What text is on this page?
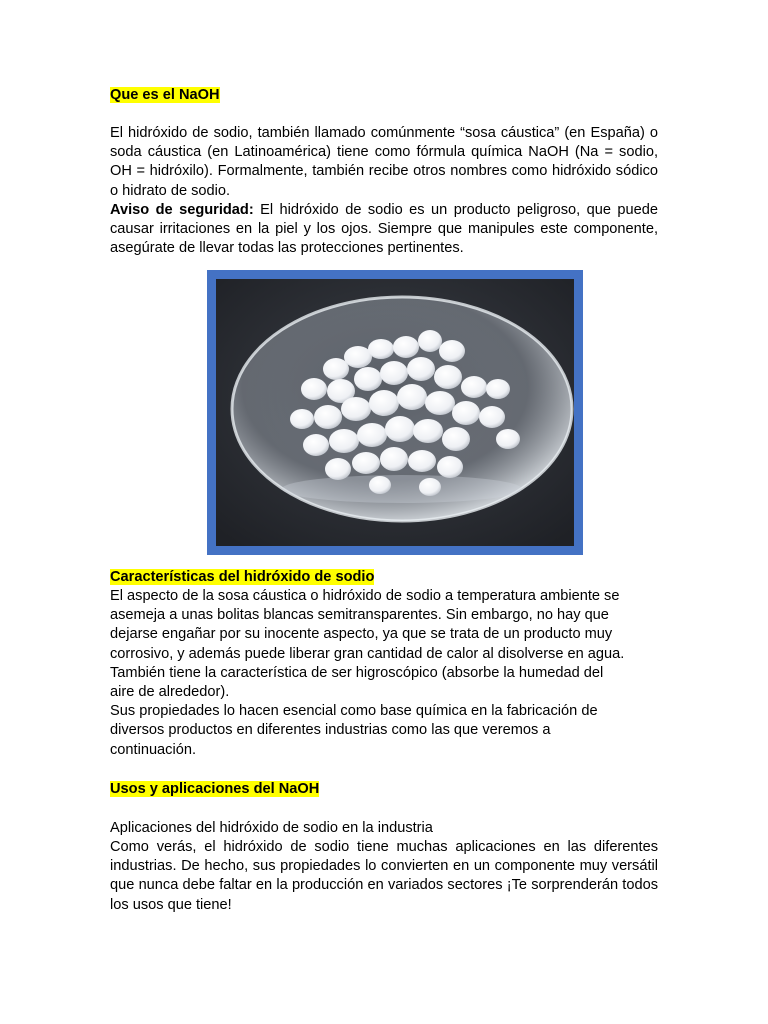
Que es el NaOH
El hidróxido de sodio, también llamado comúnmente “sosa cáustica” (en España) o soda cáustica (en Latinoamérica) tiene como fórmula química NaOH (Na = sodio, OH = hidróxilo). Formalmente, también recibe otros nombres como hidróxido sódico o hidrato de sodio.
Aviso de seguridad: El hidróxido de sodio es un producto peligroso, que puede causar irritaciones en la piel y los ojos. Siempre que manipules este componente, asegúrate de llevar todas las protecciones pertinentes.
Características del hidróxido de sodio
El aspecto de la sosa cáustica o hidróxido de sodio a temperatura ambiente se
asemeja a unas bolitas blancas semitransparentes. Sin embargo, no hay que
dejarse engañar por su inocente aspecto, ya que se trata de un producto muy
corrosivo, y además puede liberar gran cantidad de calor al disolverse en agua.
También tiene la característica de ser higroscópico (absorbe la humedad del
aire de alrededor).
Sus propiedades lo hacen esencial como base química en la fabricación de
diversos productos en diferentes industrias como las que veremos a
continuación.
Usos y aplicaciones del NaOH
Aplicaciones del hidróxido de sodio en la industria
Como verás, el hidróxido de sodio tiene muchas aplicaciones en las diferentes industrias. De hecho, sus propiedades lo convierten en un componente muy versátil que nunca debe faltar en la producción en variados sectores ¡Te sorprenderán todos los usos que tiene!
